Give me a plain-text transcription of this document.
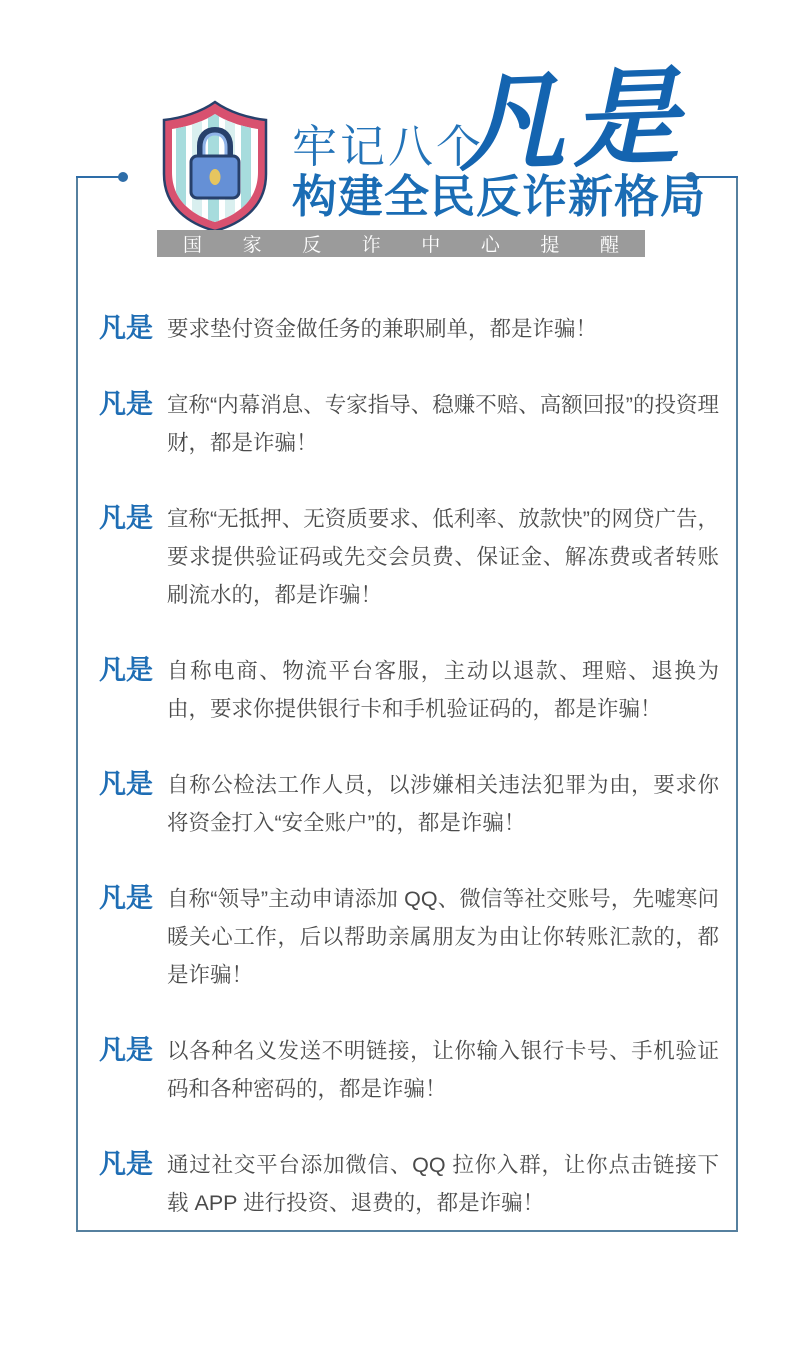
牢记八个
凡是
构建全民反诈新格局
国 家 反 诈 中 心 提 醒
凡是 要求垫付资金做任务的兼职刷单，都是诈骗！
凡是 宣称“内幕消息、专家指导、稳赚不赔、高额回报”的投资理财，都是诈骗！
凡是 宣称“无抵押、无资质要求、低利率、放款快”的网贷广告，要求提供验证码或先交会员费、保证金、解冻费或者转账刷流水的，都是诈骗！
凡是 自称电商、物流平台客服，主动以退款、理赔、退换为由，要求你提供银行卡和手机验证码的，都是诈骗！
凡是 自称公检法工作人员，以涉嫌相关违法犯罪为由，要求你将资金打入“安全账户”的，都是诈骗！
凡是 自称“领导”主动申请添加 QQ、微信等社交账号，先嘘寒问暖关心工作，后以帮助亲属朋友为由让你转账汇款的，都是诈骗！
凡是 以各种名义发送不明链接，让你输入银行卡号、手机验证码和各种密码的，都是诈骗！
凡是 通过社交平台添加微信、QQ 拉你入群，让你点击链接下载 APP 进行投资、退费的，都是诈骗！
